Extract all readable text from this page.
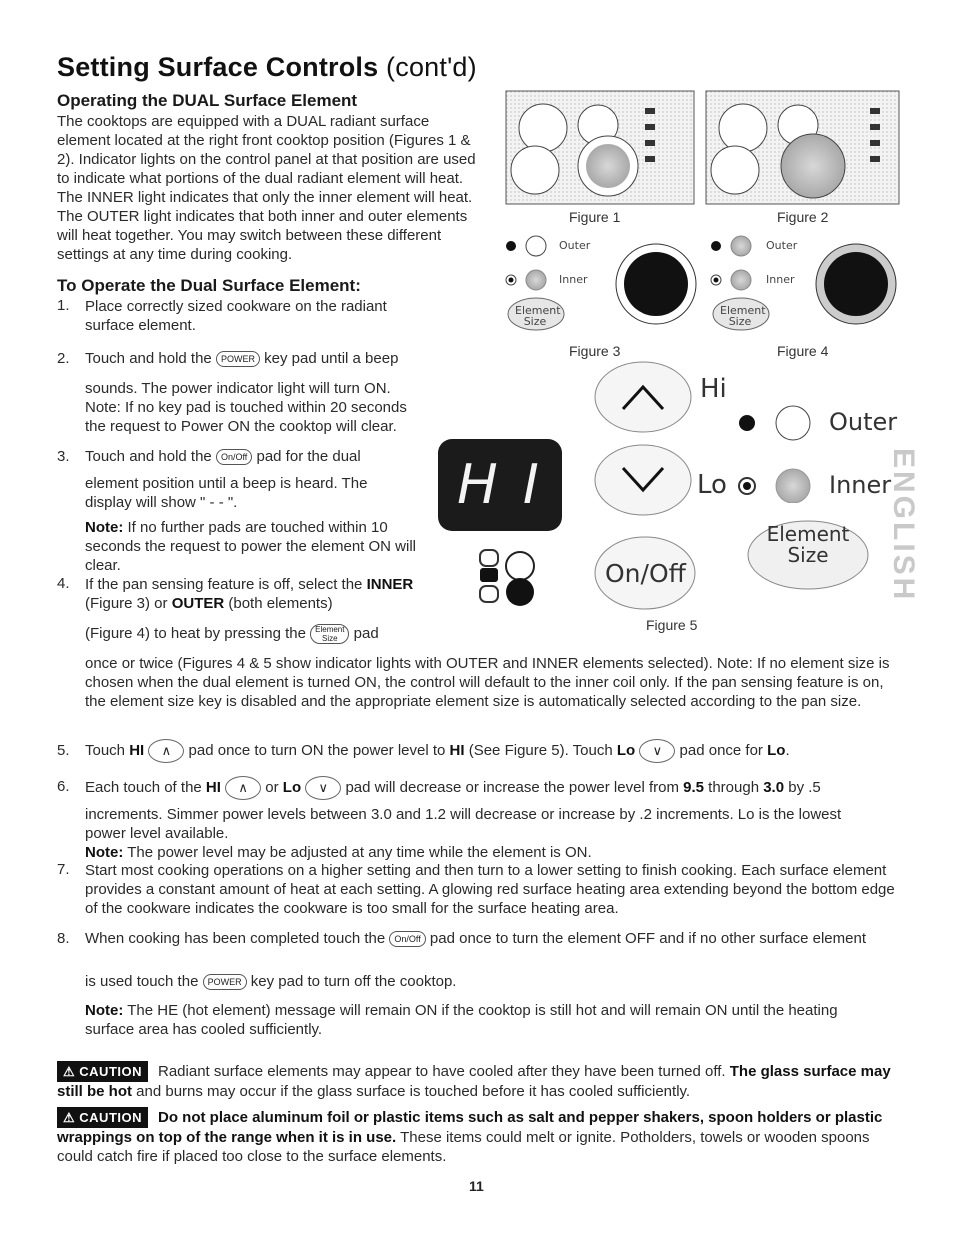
Setting Surface Controls (cont'd)
Operating the DUAL Surface Element
The cooktops are equipped with a DUAL radiant surface element located at the right front cooktop position (Figures 1 & 2). Indicator lights on the control panel at that position are used to indicate what portions of the dual radiant element will heat. The INNER light indicates that only the inner element will heat. The OUTER light indicates that both inner and outer elements will heat together. You may switch between these different settings at any time during cooking.
To Operate the Dual Surface Element:
1. Place correctly sized cookware on the radiant surface element.
2. Touch and hold the POWER key pad until a beep
sounds. The power indicator light will turn ON. Note: If no key pad is touched within 20 seconds the request to Power ON the cooktop will clear.
3. Touch and hold the On/Off pad for the dual
element position until a beep is heard. The display will show " - - ".
Note: If no further pads are touched within 10 seconds the request to power the element ON will clear.
4. If the pan sensing feature is off, select the INNER (Figure 3) or OUTER (both elements)
(Figure 4) to heat by pressing the Element
Size pad
once or twice (Figures 4 & 5 show indicator lights with OUTER and INNER elements selected). Note: If no element size is chosen when the dual element is turned ON, the control will default to the inner coil only. If the pan sensing feature is on, the element size key is disabled and the appropriate element size is automatically selected according to the pan size.
5. Touch HI ∧ pad once to turn ON the power level to HI (See Figure 5). Touch Lo ∨ pad once for Lo.
6. Each touch of the HI ∧ or Lo ∨ pad will decrease or increase the power level from 9.5 through 3.0 by .5
increments. Simmer power levels between 3.0 and 1.2 will decrease or increase by .2 increments. Lo is the lowest power level available.
Note: The power level may be adjusted at any time while the element is ON.
7. Start most cooking operations on a higher setting and then turn to a lower setting to finish cooking. Each surface element provides a constant amount of heat at each setting. A glowing red surface heating area extending beyond the bottom edge of the cookware indicates the cookware is too small for the surface heating area.
8. When cooking has been completed touch the On/Off pad once to turn the element OFF and if no other surface element
is used touch the POWER key pad to turn off the cooktop.
Note: The HE (hot element) message will remain ON if the cooktop is still hot and will remain ON until the heating surface area has cooled sufficiently.
⚠ CAUTION Radiant surface elements may appear to have cooled after they have been turned off. The glass surface may still be hot and burns may occur if the glass surface is touched before it has cooled sufficiently.
⚠ CAUTION Do not place aluminum foil or plastic items such as salt and pepper shakers, spoon holders or plastic wrappings on top of the range when it is in use. These items could melt or ignite. Potholders, towels or wooden spoons could catch fire if placed too close to the surface elements.
11
ENGLISH
Figure 1	Figure 2
Outer
Inner
Element
Size
Figure 3
Outer
Inner
Element
Size
Figure 4
H I
Hi
Lo
On/Off
Outer
Inner
Element
Size
Figure 5
